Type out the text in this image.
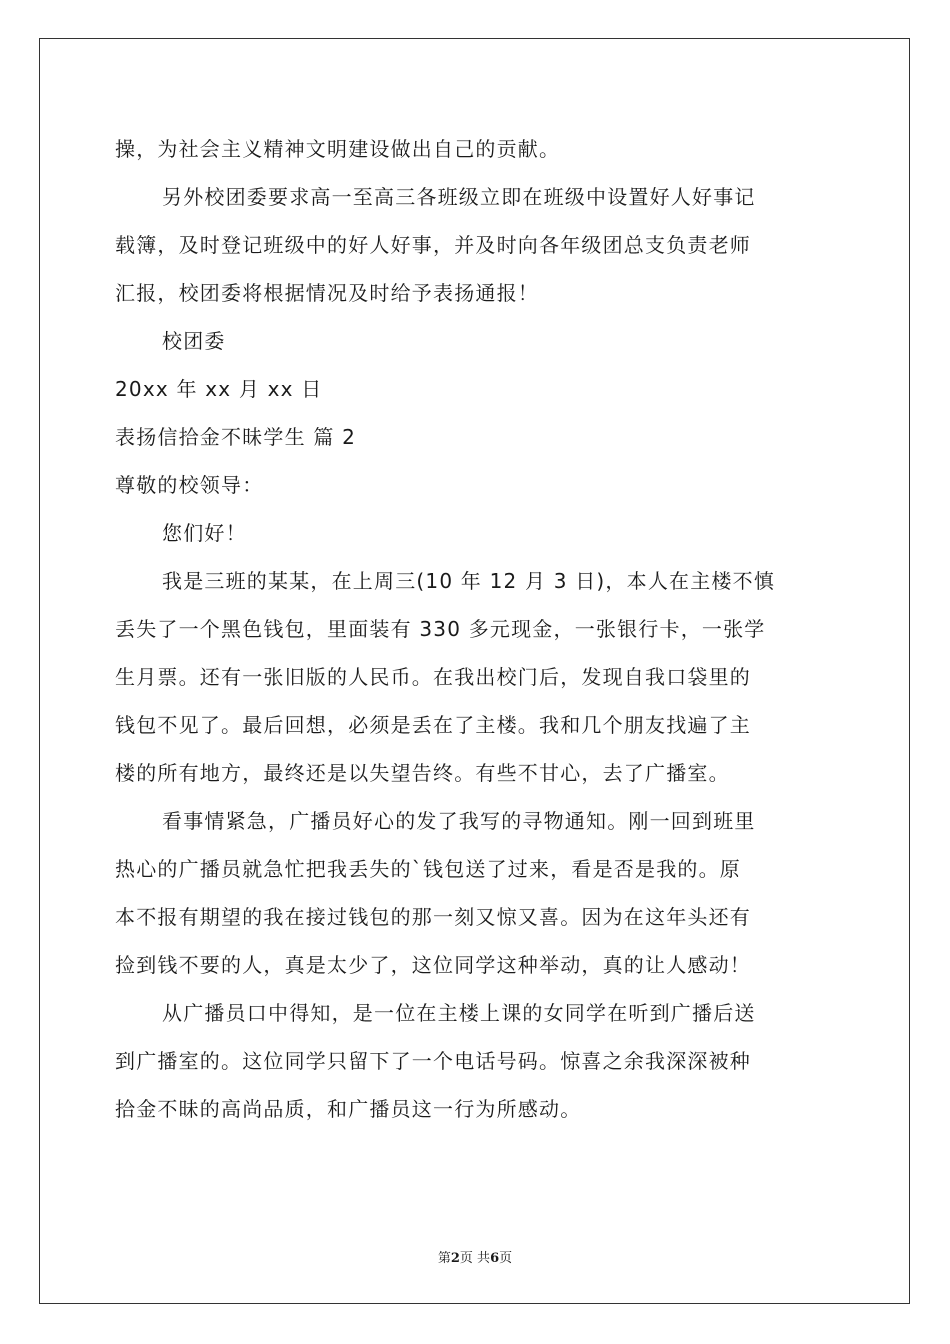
操，为社会主义精神文明建设做出自己的贡献。
另外校团委要求高一至高三各班级立即在班级中设置好人好事记
载簿，及时登记班级中的好人好事，并及时向各年级团总支负责老师
汇报，校团委将根据情况及时给予表扬通报！
校团委
20xx 年 xx 月 xx 日
表扬信拾金不昧学生 篇 2
尊敬的校领导：
您们好！
我是三班的某某，在上周三(10 年 12 月 3 日)，本人在主楼不慎
丢失了一个黑色钱包，里面装有 330 多元现金，一张银行卡，一张学
生月票。还有一张旧版的人民币。在我出校门后，发现自我口袋里的
钱包不见了。最后回想，必须是丢在了主楼。我和几个朋友找遍了主
楼的所有地方，最终还是以失望告终。有些不甘心，去了广播室。
看事情紧急，广播员好心的发了我写的寻物通知。刚一回到班里
热心的广播员就急忙把我丢失的`钱包送了过来，看是否是我的。原
本不报有期望的我在接过钱包的那一刻又惊又喜。因为在这年头还有
捡到钱不要的人，真是太少了，这位同学这种举动，真的让人感动！
从广播员口中得知，是一位在主楼上课的女同学在听到广播后送
到广播室的。这位同学只留下了一个电话号码。惊喜之余我深深被种
拾金不昧的高尚品质，和广播员这一行为所感动。
第2页 共6页
